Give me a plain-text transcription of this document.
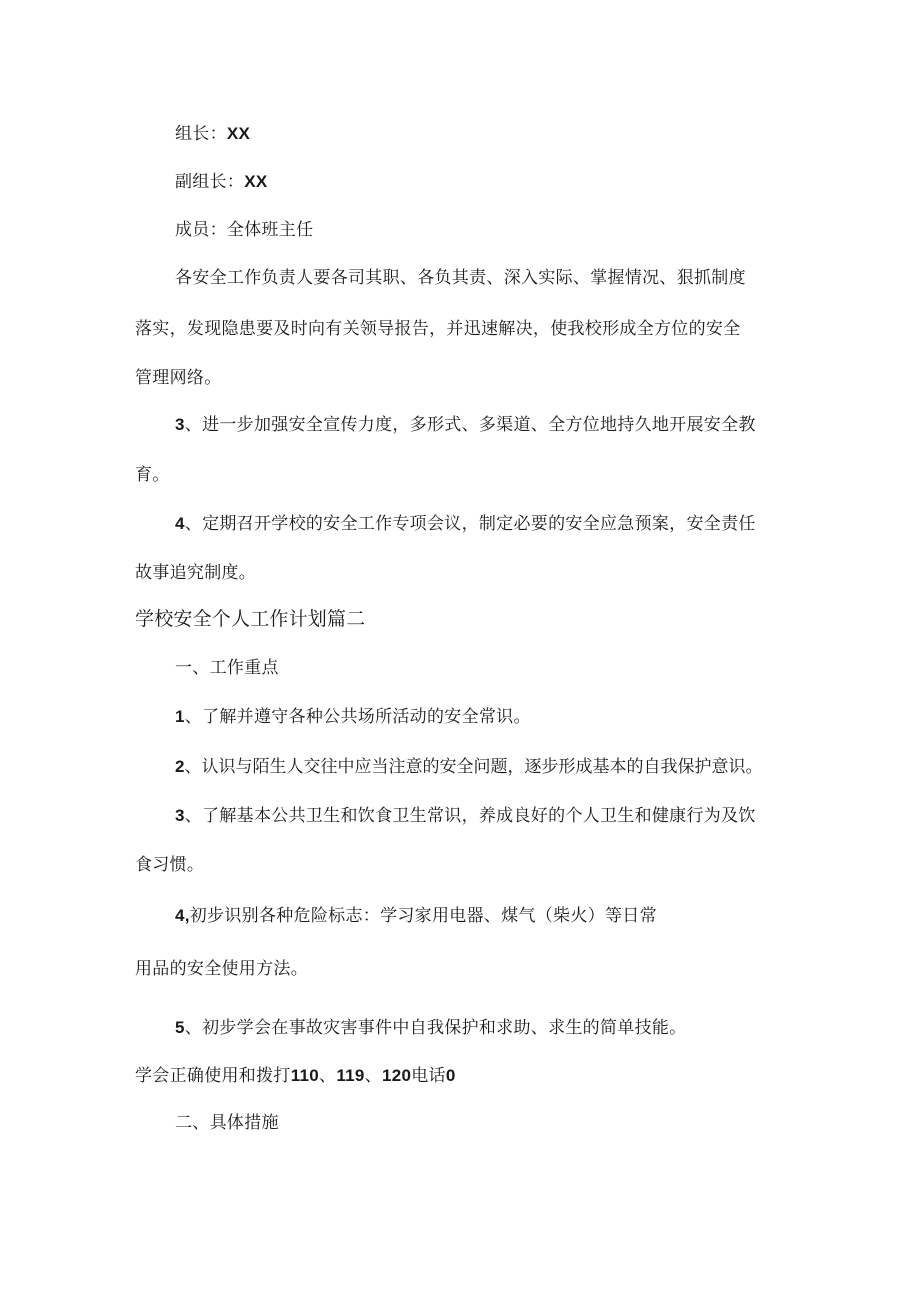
组长：XX
副组长：XX
成员：全体班主任
各安全工作负责人要各司其职、各负其责、深入实际、掌握情况、狠抓制度
落实，发现隐患要及时向有关领导报告，并迅速解决，使我校形成全方位的安全
管理网络。
3、进一步加强安全宣传力度，多形式、多渠道、全方位地持久地开展安全教
育。
4、定期召开学校的安全工作专项会议，制定必要的安全应急预案，安全责任
故事追究制度。
学校安全个人工作计划篇二
一、工作重点
1、了解并遵守各种公共场所活动的安全常识。
2、认识与陌生人交往中应当注意的安全问题，逐步形成基本的自我保护意识。
3、了解基本公共卫生和饮食卫生常识，养成良好的个人卫生和健康行为及饮
食习惯。
4,初步识别各种危险标志：学习家用电器、煤气（柴火）等日常
用品的安全使用方法。
5、初步学会在事故灾害事件中自我保护和求助、求生的简单技能。
学会正确使用和拨打110、119、120电话0
二、具体措施
